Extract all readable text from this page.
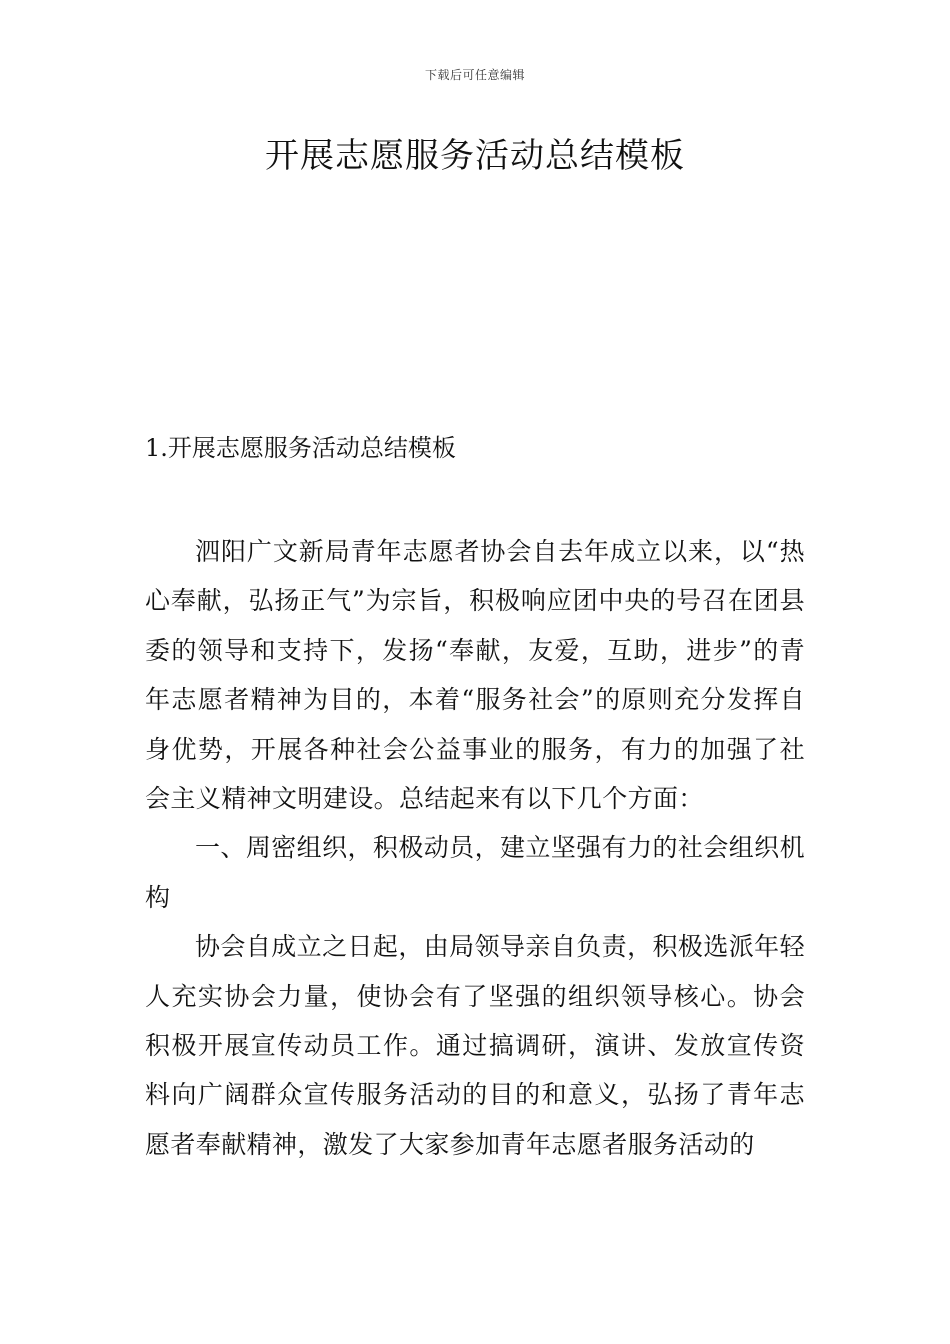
下载后可任意编辑
开展志愿服务活动总结模板
1.开展志愿服务活动总结模板

泗阳广文新局青年志愿者协会自去年成立以来，以“热心奉献，弘扬正气”为宗旨，积极响应团中央的号召在团县委的领导和支持下，发扬“奉献，友爱，互助，进步”的青年志愿者精神为目的，本着“服务社会”的原则充分发挥自身优势，开展各种社会公益事业的服务，有力的加强了社会主义精神文明建设。总结起来有以下几个方面：

一、周密组织，积极动员，建立坚强有力的社会组织机构

协会自成立之日起，由局领导亲自负责，积极选派年轻人充实协会力量，使协会有了坚强的组织领导核心。协会积极开展宣传动员工作。通过搞调研，演讲、发放宣传资料向广阔群众宣传服务活动的目的和意义，弘扬了青年志愿者奉献精神，激发了大家参加青年志愿者服务活动的
